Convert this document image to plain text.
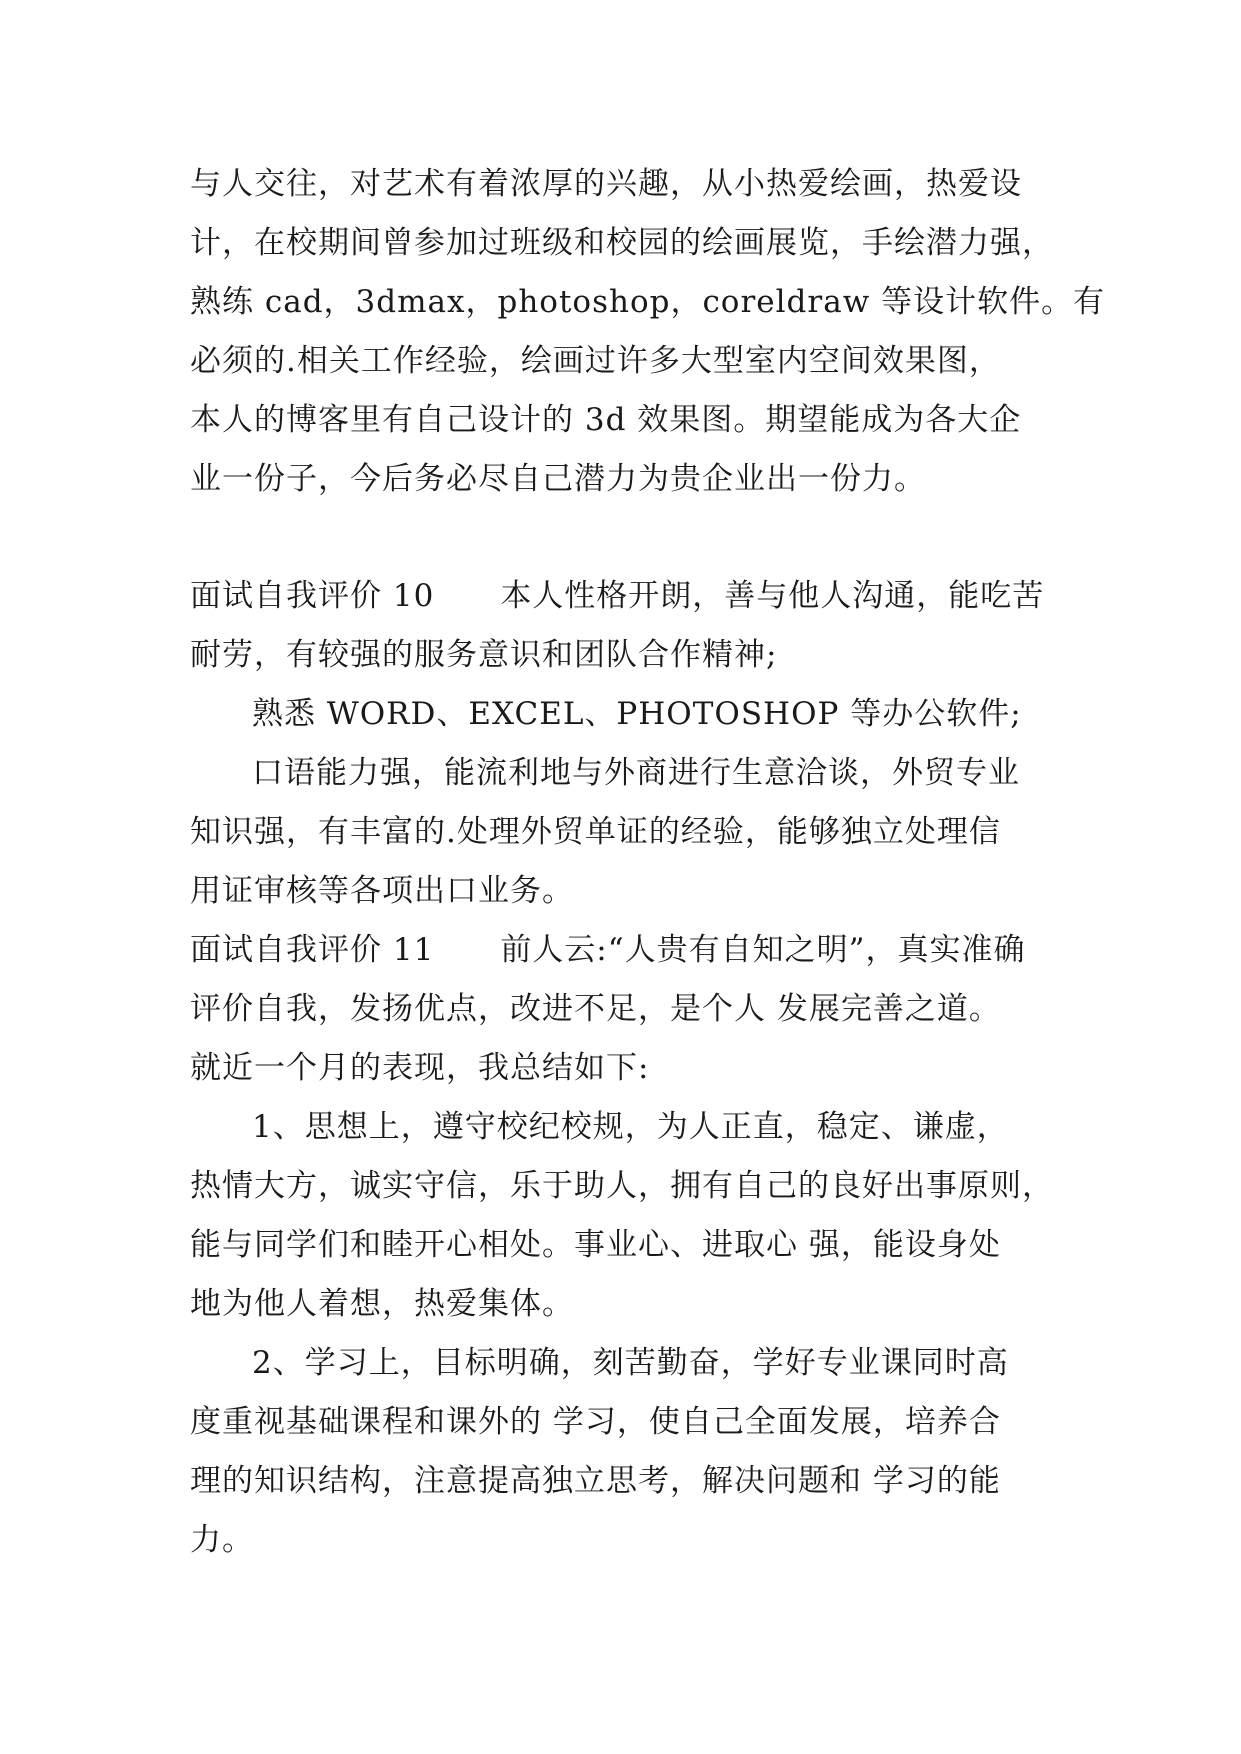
与人交往，对艺术有着浓厚的兴趣，从小热爱绘画，热爱设
计，在校期间曾参加过班级和校园的绘画展览，手绘潜力强，
熟练 cad，3dmax，photoshop，coreldraw 等设计软件。有
必须的.相关工作经验，绘画过许多大型室内空间效果图，
本人的博客里有自己设计的 3d 效果图。期望能成为各大企
业一份子，今后务必尽自己潜力为贵企业出一份力。
面试自我评价 10 本人性格开朗，善与他人沟通，能吃苦
耐劳，有较强的服务意识和团队合作精神;
熟悉 WORD、EXCEL、PHOTOSHOP 等办公软件;
口语能力强，能流利地与外商进行生意洽谈，外贸专业
知识强，有丰富的.处理外贸单证的经验，能够独立处理信
用证审核等各项出口业务。
面试自我评价 11 前人云:“人贵有自知之明”，真实准确
评价自我，发扬优点，改进不足，是个人 发展完善之道。
就近一个月的表现，我总结如下:
1、思想上，遵守校纪校规，为人正直，稳定、谦虚，
热情大方，诚实守信，乐于助人，拥有自己的良好出事原则，
能与同学们和睦开心相处。事业心、进取心 强，能设身处
地为他人着想，热爱集体。
2、学习上，目标明确，刻苦勤奋，学好专业课同时高
度重视基础课程和课外的 学习，使自己全面发展，培养合
理的知识结构，注意提高独立思考，解决问题和 学习的能
力。
